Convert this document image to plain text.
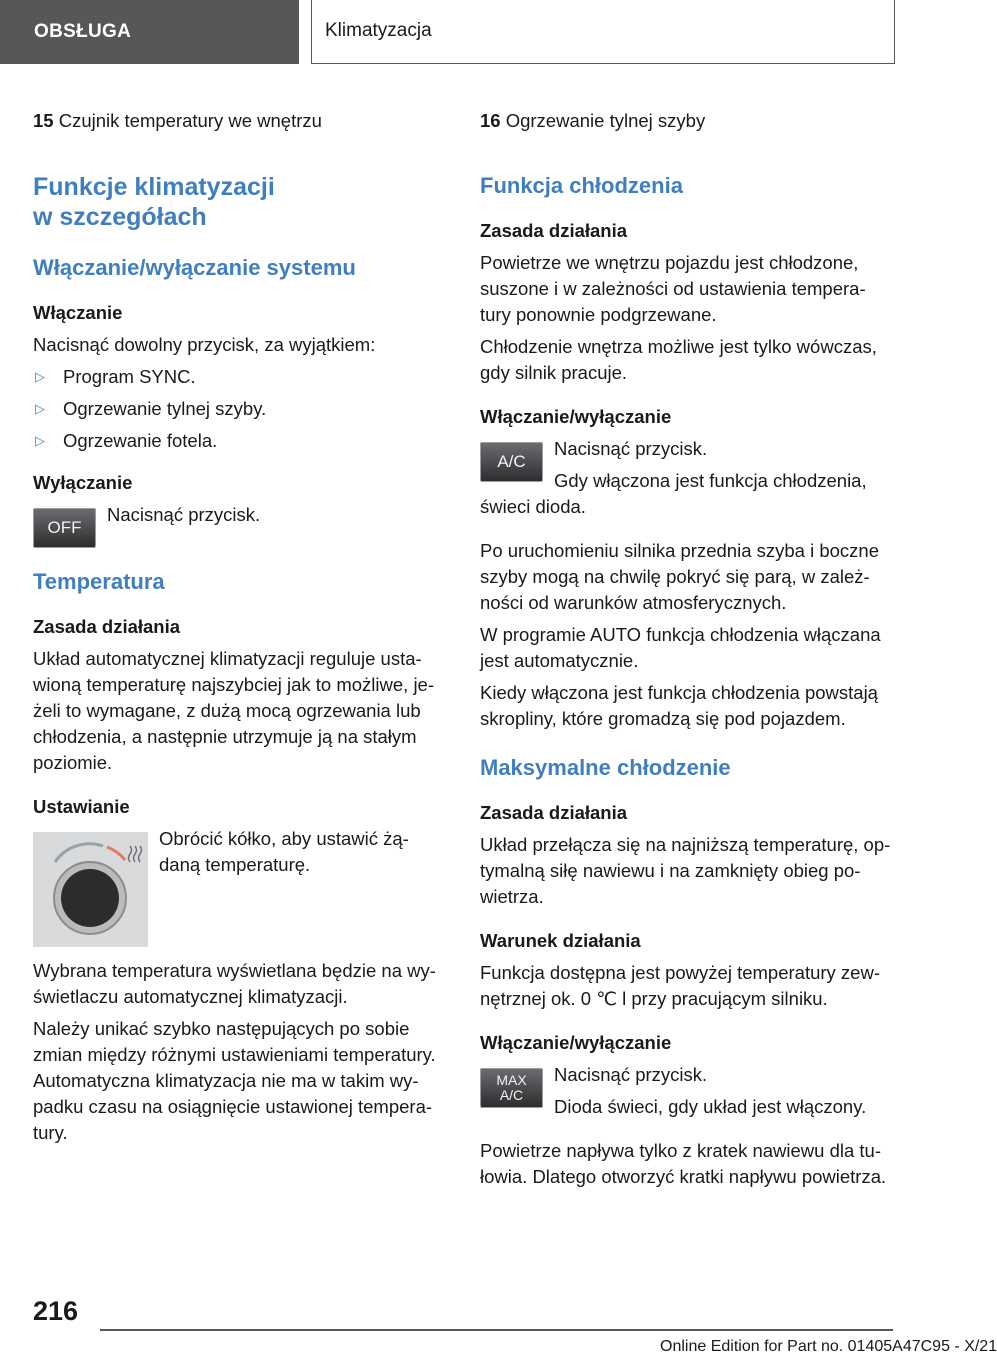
OBSŁUGA	Klimatyzacja

15 Czujnik temperatury we wnętrzu

Funkcje klimatyzacji
w szczegółach
Włączanie/wyłączanie systemu
Włączanie

Nacisnąć dowolny przycisk, za wyjątkiem:

▷ Program SYNC.
▷ Ogrzewanie tylnej szyby.
▷ Ogrzewanie fotela.
Wyłączanie
OFF

Nacisnąć przycisk.

Temperatura
Zasada działania

Układ automatycznej klimatyzacji reguluje usta-wioną temperaturę najszybciej jak to możliwe, je-żeli to wymagane, z dużą mocą ogrzewania lub chłodzenia, a następnie utrzymuje ją na stałym poziomie.

Ustawianie

Obrócić kółko, aby ustawić żą-daną temperaturę.

Wybrana temperatura wyświetlana będzie na wy-świetlaczu automatycznej klimatyzacji.

Należy unikać szybko następujących po sobie zmian między różnymi ustawieniami temperatury. Automatyczna klimatyzacja nie ma w takim wy-padku czasu na osiągnięcie ustawionej tempera-tury.

16 Ogrzewanie tylnej szyby

Funkcja chłodzenia
Zasada działania

Powietrze we wnętrzu pojazdu jest chłodzone, suszone i w zależności od ustawienia tempera-tury ponownie podgrzewane.

Chłodzenie wnętrza możliwe jest tylko wówczas, gdy silnik pracuje.

Włączanie/wyłączanie
A/C

Nacisnąć przycisk.

Gdy włączona jest funkcja chłodzenia, świeci dioda.

Po uruchomieniu silnika przednia szyba i boczne szyby mogą na chwilę pokryć się parą, w zależ-ności od warunków atmosferycznych.

W programie AUTO funkcja chłodzenia włączana jest automatycznie.

Kiedy włączona jest funkcja chłodzenia powstają skropliny, które gromadzą się pod pojazdem.

Maksymalne chłodzenie
Zasada działania

Układ przełącza się na najniższą temperaturę, op-tymalną siłę nawiewu i na zamknięty obieg po-wietrza.

Warunek działania

Funkcja dostępna jest powyżej temperatury zew-nętrznej ok. 0 ℃ l przy pracującym silniku.

Włączanie/wyłączanie
MAX
A/C

Nacisnąć przycisk.

Dioda świeci, gdy układ jest włączony.

Powietrze napływa tylko z kratek nawiewu dla tu-łowia. Dlatego otworzyć kratki napływu powietrza.

216
Online Edition for Part no. 01405A47C95 - X/21
